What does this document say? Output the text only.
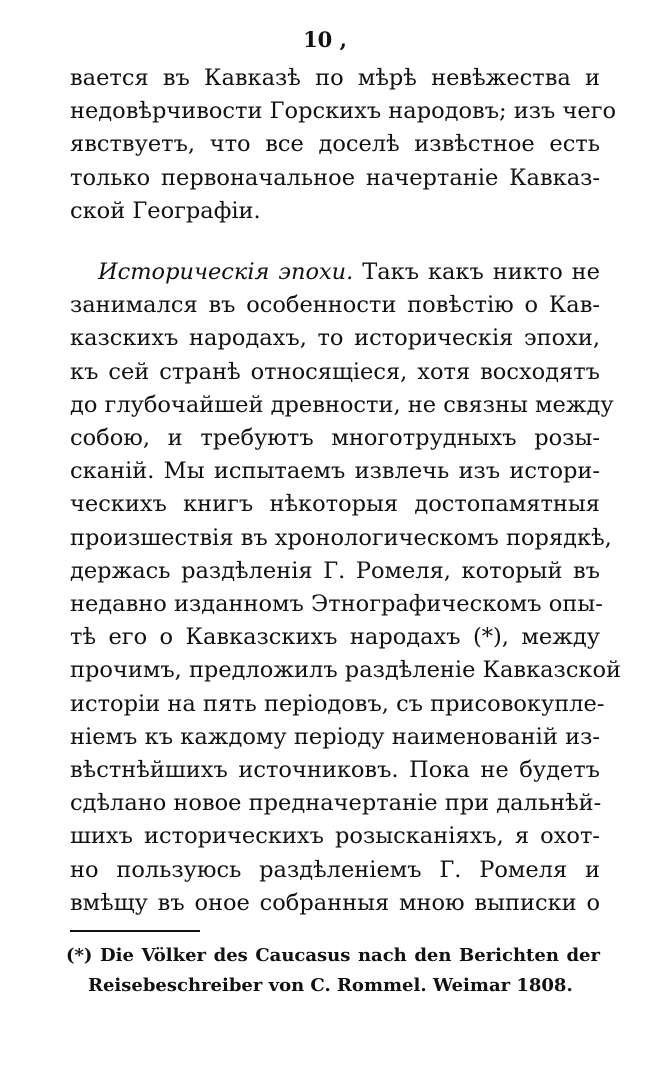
10 ,
вается въ Кавказѣ по мѣрѣ невѣжества и
недовѣрчивости Горскихъ народовъ; изъ чего
явствуетъ, что все доселѣ извѣстное есть
только первоначальное начертаніе Кавказ-
ской Географіи.
Историческія эпохи. Такъ какъ никто не
занимался въ особенности повѣстію о Кав-
казскихъ народахъ, то историческія эпохи,
къ сей странѣ относящіеся, хотя восходятъ
до глубочайшей древности, не связны между
собою, и требуютъ многотрудныхъ розы-
сканій. Мы испытаемъ извлечь изъ истори-
ческихъ книгъ нѣкоторыя достопамятныя
произшествія въ хронологическомъ порядкѣ,
держась раздѣленія Г. Ромеля, который въ
недавно изданномъ Этнографическомъ опы-
тѣ его о Кавказскихъ народахъ (*), между
прочимъ, предложилъ раздѣленіе Кавказской
исторіи на пять періодовъ, съ присовокупле-
ніемъ къ каждому періоду наименованій из-
вѣстнѣйшихъ источниковъ. Пока не будетъ
сдѣлано новое предначертаніе при дальнѣй-
шихъ историческихъ розысканіяхъ, я охот-
но пользуюсь раздѣленіемъ Г. Ромеля и
вмѣщу въ оное собранныя мною выписки о
(*) Die Völker des Caucasus nach den Berichten der
Reisebeschreiber von C. Rommel. Weimar 1808.
